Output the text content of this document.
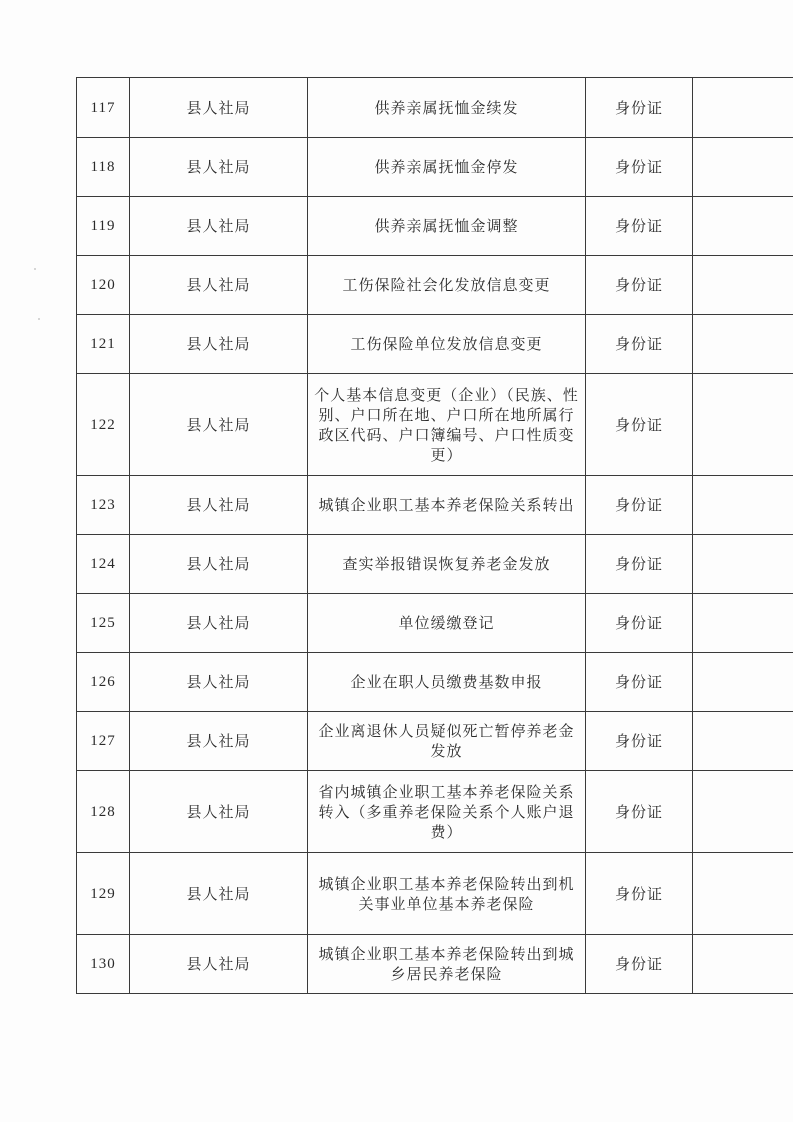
117	县人社局	供养亲属抚恤金续发	身份证	
118	县人社局	供养亲属抚恤金停发	身份证	
119	县人社局	供养亲属抚恤金调整	身份证	
120	县人社局	工伤保险社会化发放信息变更	身份证	
121	县人社局	工伤保险单位发放信息变更	身份证	
122	县人社局	个人基本信息变更（企业）（民族、性别、户口所在地、户口所在地所属行政区代码、户口簿编号、户口性质变更）	身份证	
123	县人社局	城镇企业职工基本养老保险关系转出	身份证	
124	县人社局	查实举报错误恢复养老金发放	身份证	
125	县人社局	单位缓缴登记	身份证	
126	县人社局	企业在职人员缴费基数申报	身份证	
127	县人社局	企业离退休人员疑似死亡暂停养老金发放	身份证	
128	县人社局	省内城镇企业职工基本养老保险关系转入（多重养老保险关系个人账户退费）	身份证	
129	县人社局	城镇企业职工基本养老保险转出到机关事业单位基本养老保险	身份证	
130	县人社局	城镇企业职工基本养老保险转出到城乡居民养老保险	身份证	
